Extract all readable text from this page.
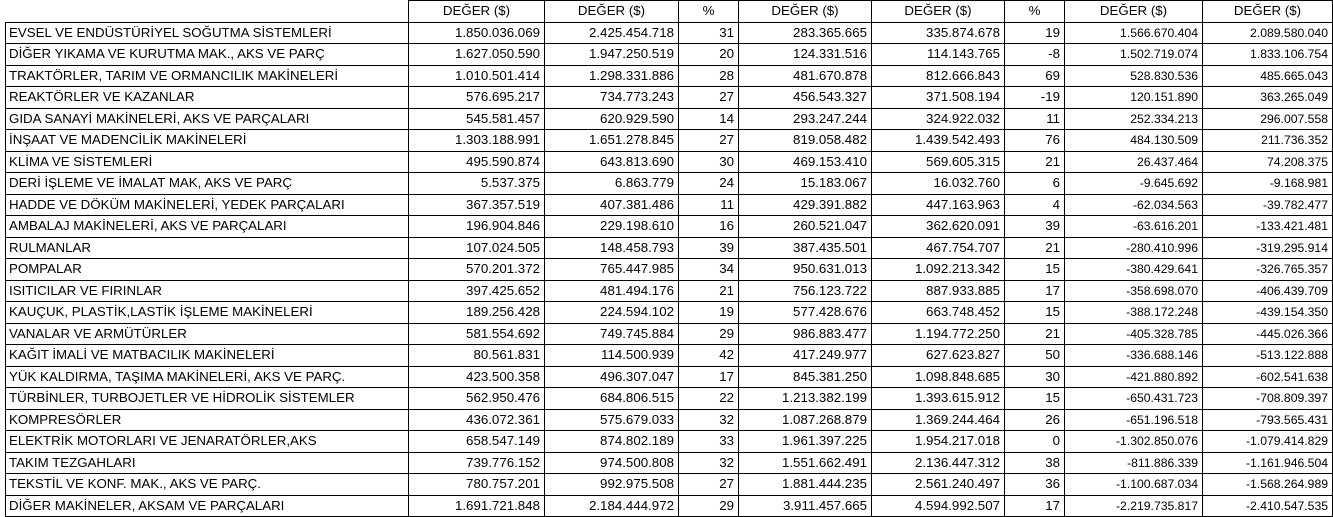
	DEĞER ($)	DEĞER ($)	%	DEĞER ($)	DEĞER ($)	%	DEĞER ($)	DEĞER ($)
EVSEL VE ENDÜSTÜRİYEL SOĞUTMA SİSTEMLERİ	1.850.036.069	2.425.454.718	31	283.365.665	335.874.678	19	1.566.670.404	2.089.580.040
DİĞER YIKAMA VE KURUTMA MAK., AKS VE PARÇ	1.627.050.590	1.947.250.519	20	124.331.516	114.143.765	-8	1.502.719.074	1.833.106.754
TRAKTÖRLER, TARIM VE ORMANCILIK MAKİNELERİ	1.010.501.414	1.298.331.886	28	481.670.878	812.666.843	69	528.830.536	485.665.043
REAKTÖRLER VE KAZANLAR	576.695.217	734.773.243	27	456.543.327	371.508.194	-19	120.151.890	363.265.049
GIDA SANAYİ MAKİNELERİ, AKS VE PARÇALARI	545.581.457	620.929.590	14	293.247.244	324.922.032	11	252.334.213	296.007.558
İNŞAAT VE MADENCİLİK MAKİNELERİ	1.303.188.991	1.651.278.845	27	819.058.482	1.439.542.493	76	484.130.509	211.736.352
KLİMA VE SİSTEMLERİ	495.590.874	643.813.690	30	469.153.410	569.605.315	21	26.437.464	74.208.375
DERİ İŞLEME VE İMALAT MAK, AKS VE PARÇ	5.537.375	6.863.779	24	15.183.067	16.032.760	6	-9.645.692	-9.168.981
HADDE VE DÖKÜM MAKİNELERİ, YEDEK PARÇALARI	367.357.519	407.381.486	11	429.391.882	447.163.963	4	-62.034.563	-39.782.477
AMBALAJ MAKİNELERİ, AKS VE PARÇALARI	196.904.846	229.198.610	16	260.521.047	362.620.091	39	-63.616.201	-133.421.481
RULMANLAR	107.024.505	148.458.793	39	387.435.501	467.754.707	21	-280.410.996	-319.295.914
POMPALAR	570.201.372	765.447.985	34	950.631.013	1.092.213.342	15	-380.429.641	-326.765.357
ISITICILAR VE FIRINLAR	397.425.652	481.494.176	21	756.123.722	887.933.885	17	-358.698.070	-406.439.709
KAUÇUK, PLASTİK,LASTİK İŞLEME MAKİNELERİ	189.256.428	224.594.102	19	577.428.676	663.748.452	15	-388.172.248	-439.154.350
VANALAR VE ARMÜTÜRLER	581.554.692	749.745.884	29	986.883.477	1.194.772.250	21	-405.328.785	-445.026.366
KAĞIT İMALİ VE MATBACILIK MAKİNELERİ	80.561.831	114.500.939	42	417.249.977	627.623.827	50	-336.688.146	-513.122.888
YÜK KALDIRMA, TAŞIMA MAKİNELERİ, AKS VE PARÇ.	423.500.358	496.307.047	17	845.381.250	1.098.848.685	30	-421.880.892	-602.541.638
TÜRBİNLER, TURBOJETLER VE HİDROLİK SİSTEMLER	562.950.476	684.806.515	22	1.213.382.199	1.393.615.912	15	-650.431.723	-708.809.397
KOMPRESÖRLER	436.072.361	575.679.033	32	1.087.268.879	1.369.244.464	26	-651.196.518	-793.565.431
ELEKTRİK MOTORLARI VE JENARATÖRLER,AKS	658.547.149	874.802.189	33	1.961.397.225	1.954.217.018	0	-1.302.850.076	-1.079.414.829
TAKIM TEZGAHLARI	739.776.152	974.500.808	32	1.551.662.491	2.136.447.312	38	-811.886.339	-1.161.946.504
TEKSTİL VE KONF. MAK., AKS VE PARÇ.	780.757.201	992.975.508	27	1.881.444.235	2.561.240.497	36	-1.100.687.034	-1.568.264.989
DİĞER MAKİNELER, AKSAM VE PARÇALARI	1.691.721.848	2.184.444.972	29	3.911.457.665	4.594.992.507	17	-2.219.735.817	-2.410.547.535
